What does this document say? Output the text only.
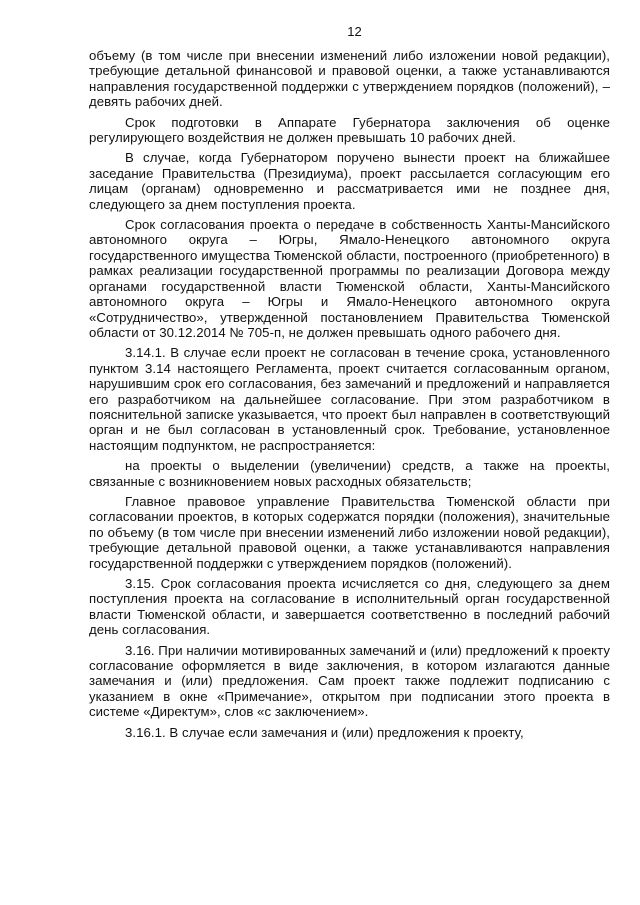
12

объему (в том числе при внесении изменений либо изложении новой редакции), требующие детальной финансовой и правовой оценки, а также устанавливаются направления государственной поддержки с утверждением порядков (положений), – девять рабочих дней.

Срок подготовки в Аппарате Губернатора заключения об оценке регулирующего воздействия не должен превышать 10 рабочих дней.

В случае, когда Губернатором поручено вынести проект на ближайшее заседание Правительства (Президиума), проект рассылается согласующим его лицам (органам) одновременно и рассматривается ими не позднее дня, следующего за днем поступления проекта.

Срок согласования проекта о передаче в собственность Ханты-Мансийского автономного округа – Югры, Ямало-Ненецкого автономного округа государственного имущества Тюменской области, построенного (приобретенного) в рамках реализации государственной программы по реализации Договора между органами государственной власти Тюменской области, Ханты-Мансийского автономного округа – Югры и Ямало-Ненецкого автономного округа «Сотрудничество», утвержденной постановлением Правительства Тюменской области от 30.12.2014 № 705-п, не должен превышать одного рабочего дня.

3.14.1. В случае если проект не согласован в течение срока, установленного пунктом 3.14 настоящего Регламента, проект считается согласованным органом, нарушившим срок его согласования, без замечаний и предложений и направляется его разработчиком на дальнейшее согласование. При этом разработчиком в пояснительной записке указывается, что проект был направлен в соответствующий орган и не был согласован в установленный срок. Требование, установленное настоящим подпунктом, не распространяется:

на проекты о выделении (увеличении) средств, а также на проекты, связанные с возникновением новых расходных обязательств;

Главное правовое управление Правительства Тюменской области при согласовании проектов, в которых содержатся порядки (положения), значительные по объему (в том числе при внесении изменений либо изложении новой редакции), требующие детальной правовой оценки, а также устанавливаются направления государственной поддержки с утверждением порядков (положений).

3.15. Срок согласования проекта исчисляется со дня, следующего за днем поступления проекта на согласование в исполнительный орган государственной власти Тюменской области, и завершается соответственно в последний рабочий день согласования.

3.16. При наличии мотивированных замечаний и (или) предложений к проекту согласование оформляется в виде заключения, в котором излагаются данные замечания и (или) предложения. Сам проект также подлежит подписанию с указанием в окне «Примечание», открытом при подписании этого проекта в системе «Директум», слов «с заключением».

3.16.1. В случае если замечания и (или) предложения к проекту,
